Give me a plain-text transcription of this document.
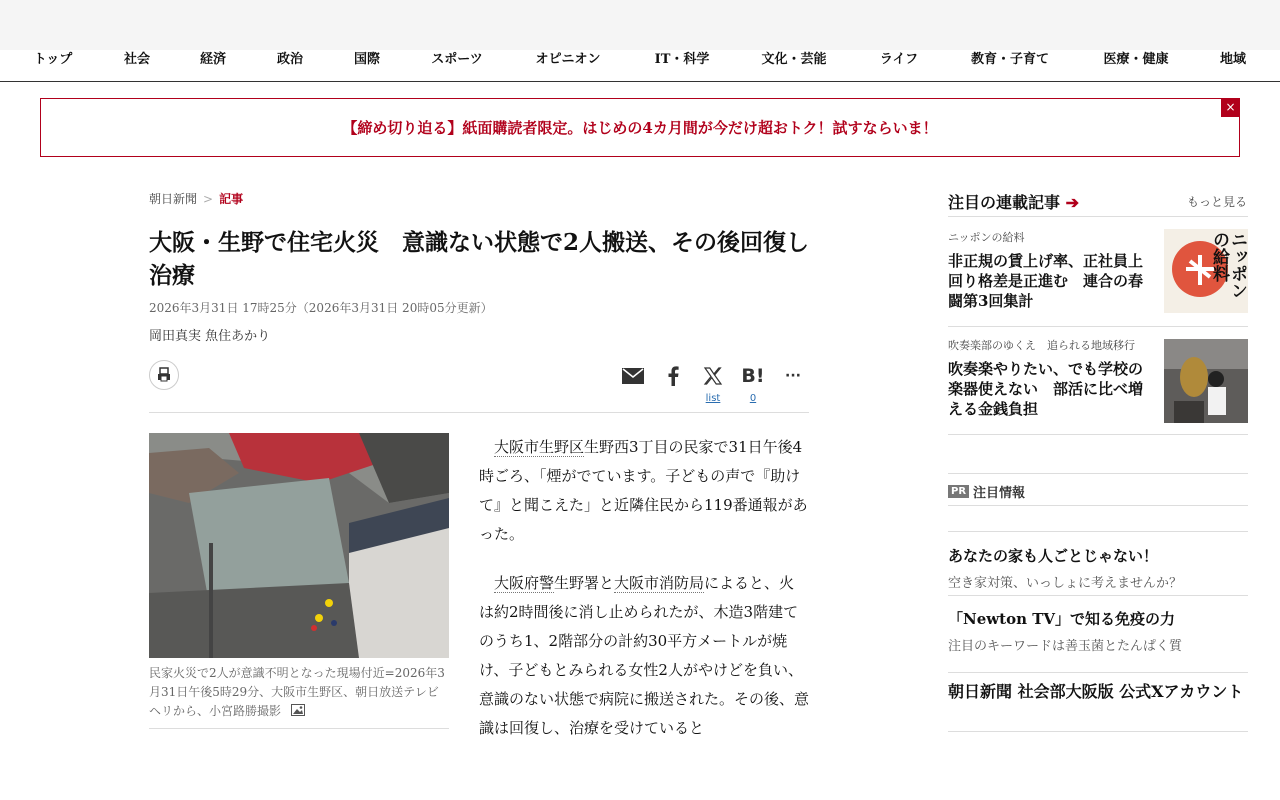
トップ	社会	経済	政治	国際	スポーツ	オピニオン	IT・科学	文化・芸能	ライフ	教育・子育て	医療・健康	地域
【締め切り迫る】紙面購読者限定。はじめの4カ月間が今だけ超おトク！試すならいま！
×
朝日新聞 > 記事
大阪・生野で住宅火災　意識ない状態で2人搬送、その後回復し治療
2026年3月31日 17時25分（2026年3月31日 20時05分更新）
岡田真実 魚住あかり
list
B!
0
···
民家火災で2人が意識不明となった現場付近=2026年3月31日午後5時29分、大阪市生野区、朝日放送テレビヘリから、小宮路勝撮影

大阪市生野区生野西3丁目の民家で31日午後4時ごろ、「煙がでています。子どもの声で『助けて』と聞こえた」と近隣住民から119番通報があった。

大阪府警生野署と大阪市消防局によると、火は約2時間後に消し止められたが、木造3階建てのうち1、2階部分の計約30平方メートルが焼け、子どもとみられる女性2人がやけどを負い、意識のない状態で病院に搬送された。その後、意識は回復し、治療を受けていると

注目の連載記事 ➔	もっと見る
ニッポンの給料
非正規の賃上げ率、正社員上回り格差是正進む　連合の春闘第3回集計
ニッポンの給料
吹奏楽部のゆくえ　追られる地域移行
吹奏楽やりたい、でも学校の楽器使えない　部活に比べ増える金銭負担
PR 注目情報
あなたの家も人ごとじゃない！
空き家対策、いっしょに考えませんか？
「Newton TV」で知る免疫の力
注目のキーワードは善玉菌とたんぱく質
朝日新聞 社会部大阪版 公式Xアカウント
